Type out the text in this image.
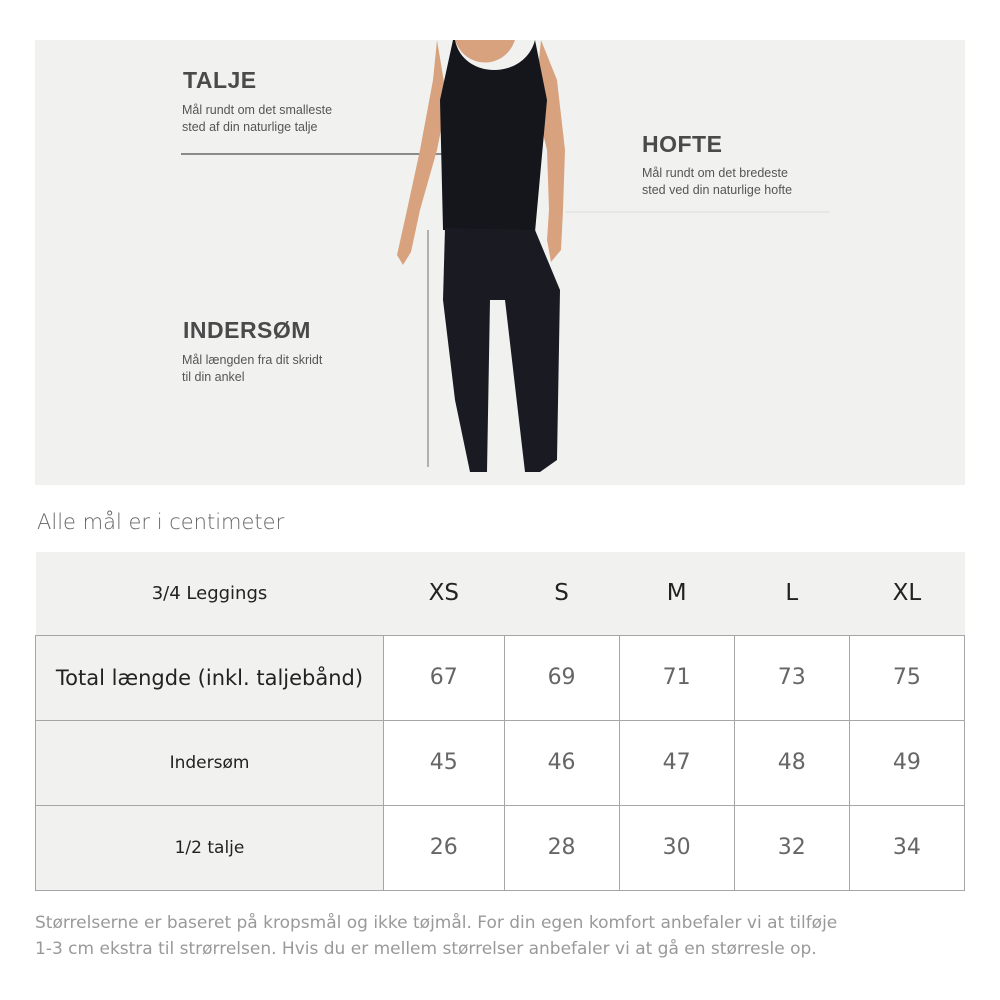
TALJE
Mål rundt om det smalleste
sted af din naturlige talje
HOFTE
Mål rundt om det bredeste
sted ved din naturlige hofte
INDERSØM
Mål længden fra dit skridt
til din ankel
Alle mål er i centimeter
3/4 Leggings	XS	S	M	L	XL
Total længde (inkl. taljebånd)	67	69	71	73	75
Indersøm	45	46	47	48	49
1/2 talje	26	28	30	32	34
Størrelserne er baseret på kropsmål og ikke tøjmål. For din egen komfort anbefaler vi at tilføje
1-3 cm ekstra til strørrelsen. Hvis du er mellem størrelser anbefaler vi at gå en størresle op.
